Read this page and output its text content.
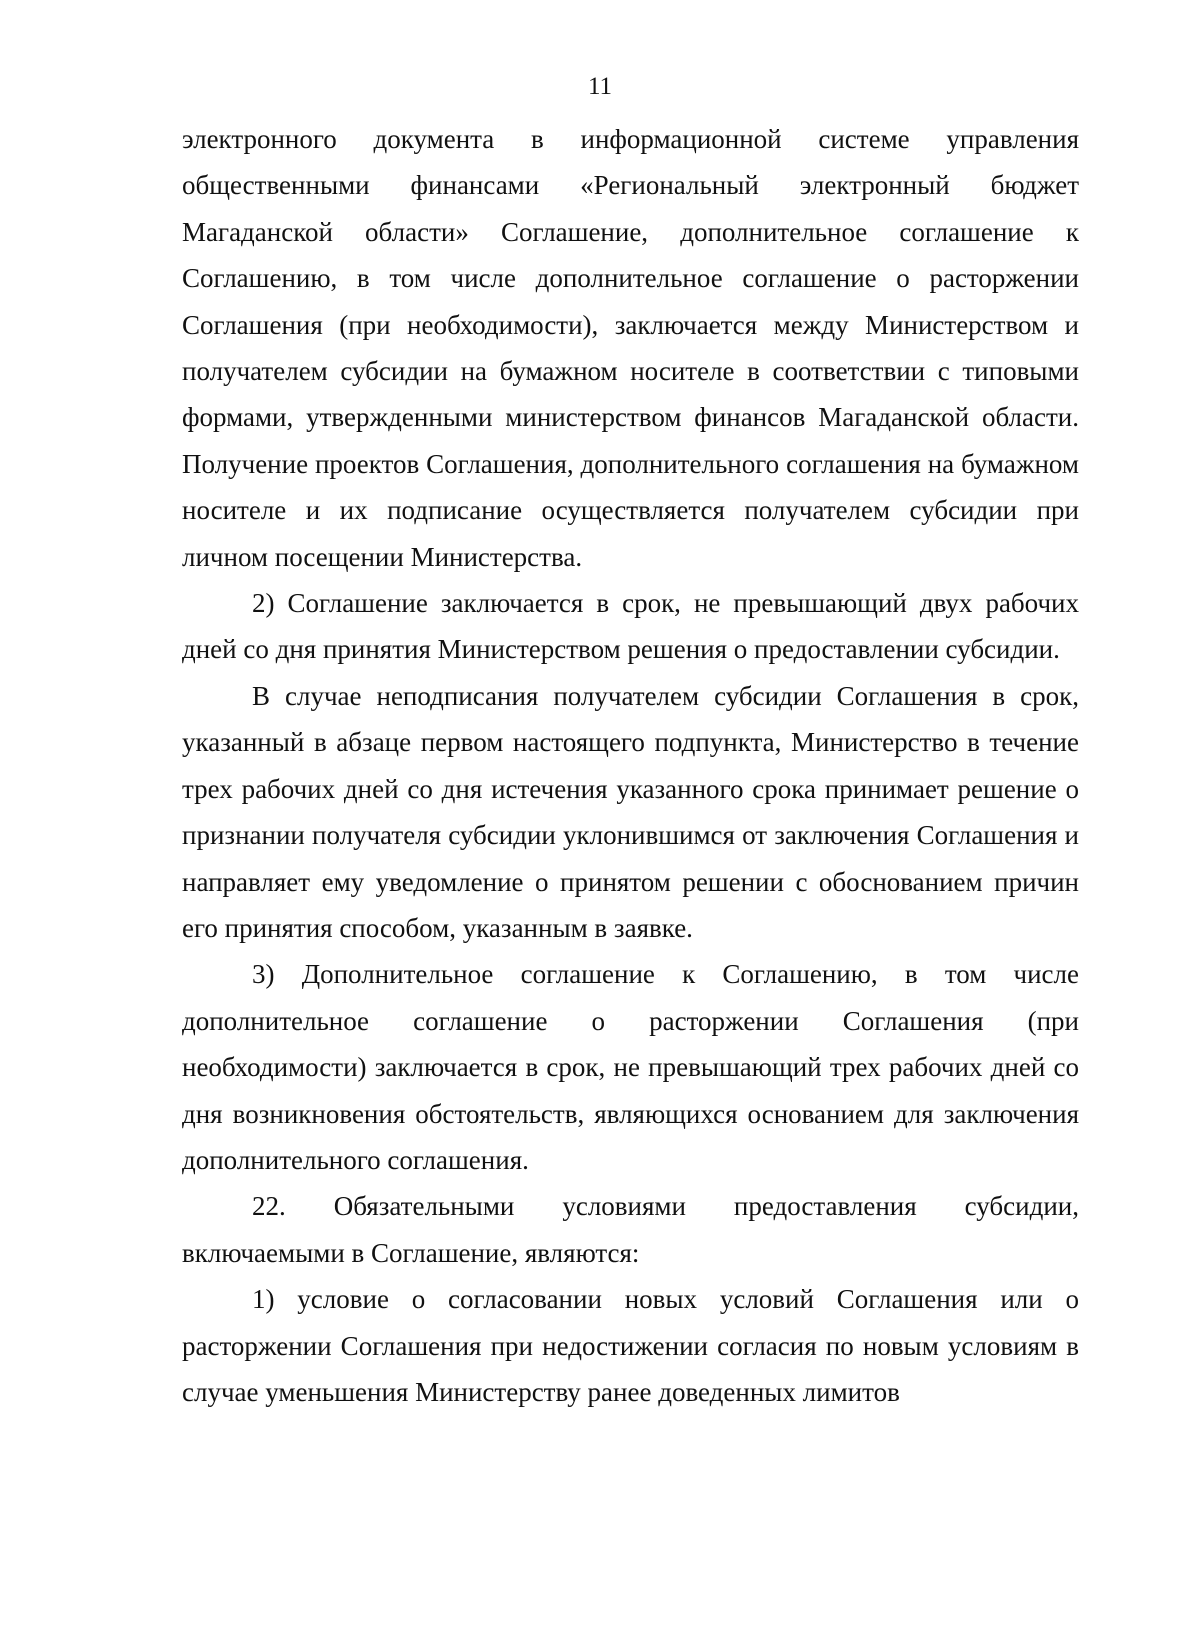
11

электронного документа в информационной системе управления общественными финансами «Региональный электронный бюджет Магаданской области» Соглашение, дополнительное соглашение к Соглашению, в том числе дополнительное соглашение о расторжении Соглашения (при необходимости), заключается между Министерством и получателем субсидии на бумажном носителе в соответствии с типовыми формами, утвержденными министерством финансов Магаданской области. Получение проектов Соглашения, дополнительного соглашения на бумажном носителе и их подписание осуществляется получателем субсидии при личном посещении Министерства.

2) Соглашение заключается в срок, не превышающий двух рабочих дней со дня принятия Министерством решения о предоставлении субсидии.

В случае неподписания получателем субсидии Соглашения в срок, указанный в абзаце первом настоящего подпункта, Министерство в течение трех рабочих дней со дня истечения указанного срока принимает решение о признании получателя субсидии уклонившимся от заключения Соглашения и направляет ему уведомление о принятом решении с обоснованием причин его принятия способом, указанным в заявке.

3) Дополнительное соглашение к Соглашению, в том числе дополнительное соглашение о расторжении Соглашения (при необходимости) заключается в срок, не превышающий трех рабочих дней со дня возникновения обстоятельств, являющихся основанием для заключения дополнительного соглашения.

22. Обязательными условиями предоставления субсидии, включаемыми в Соглашение, являются:

1) условие о согласовании новых условий Соглашения или о расторжении Соглашения при недостижении согласия по новым условиям в случае уменьшения Министерству ранее доведенных лимитов
